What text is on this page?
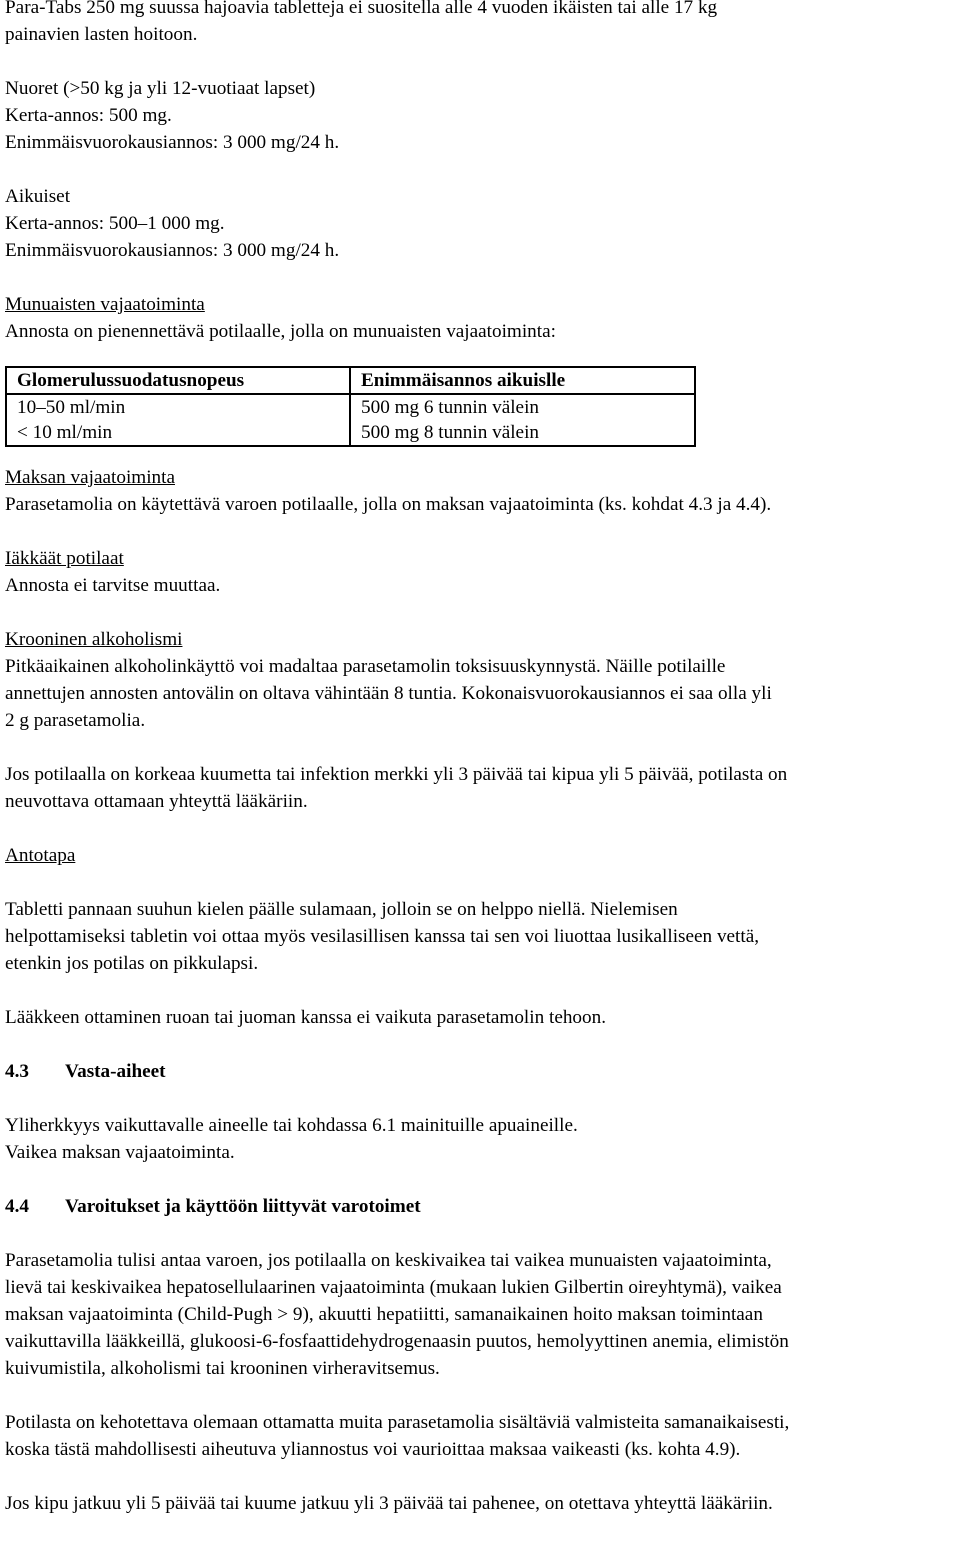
Para-Tabs 250 mg suussa hajoavia tabletteja ei suositella alle 4 vuoden ikäisten tai alle 17 kg
painavien lasten hoitoon.

Nuoret (>50 kg ja yli 12-vuotiaat lapset)
Kerta-annos: 500 mg.
Enimmäisvuorokausiannos: 3 000 mg/24 h.

Aikuiset
Kerta-annos: 500–1 000 mg.
Enimmäisvuorokausiannos: 3 000 mg/24 h.

Munuaisten vajaatoiminta
Annosta on pienennettävä potilaalle, jolla on munuaisten vajaatoiminta:

Glomerulussuodatusnopeus	Enimmäisannos aikuislle
10–50 ml/min	500 mg 6 tunnin välein
< 10 ml/min	500 mg 8 tunnin välein

Maksan vajaatoiminta
Parasetamolia on käytettävä varoen potilaalle, jolla on maksan vajaatoiminta (ks. kohdat 4.3 ja 4.4).

Iäkkäät potilaat
Annosta ei tarvitse muuttaa.

Krooninen alkoholismi
Pitkäaikainen alkoholinkäyttö voi madaltaa parasetamolin toksisuuskynnystä. Näille potilaille
annettujen annosten antovälin on oltava vähintään 8 tuntia. Kokonaisvuorokausiannos ei saa olla yli
2 g parasetamolia.

Jos potilaalla on korkeaa kuumetta tai infektion merkki yli 3 päivää tai kipua yli 5 päivää, potilasta on
neuvottava ottamaan yhteyttä lääkäriin.

Antotapa

Tabletti pannaan suuhun kielen päälle sulamaan, jolloin se on helppo niellä. Nielemisen
helpottamiseksi tabletin voi ottaa myös vesilasillisen kanssa tai sen voi liuottaa lusikalliseen vettä,
etenkin jos potilas on pikkulapsi.

Lääkkeen ottaminen ruoan tai juoman kanssa ei vaikuta parasetamolin tehoon.

4.3 Vasta-aiheet

Yliherkkyys vaikuttavalle aineelle tai kohdassa 6.1 mainituille apuaineille.
Vaikea maksan vajaatoiminta.

4.4 Varoitukset ja käyttöön liittyvät varotoimet

Parasetamolia tulisi antaa varoen, jos potilaalla on keskivaikea tai vaikea munuaisten vajaatoiminta,
lievä tai keskivaikea hepatosellulaarinen vajaatoiminta (mukaan lukien Gilbertin oireyhtymä), vaikea
maksan vajaatoiminta (Child-Pugh > 9), akuutti hepatiitti, samanaikainen hoito maksan toimintaan
vaikuttavilla lääkkeillä, glukoosi-6-fosfaattidehydrogenaasin puutos, hemolyyttinen anemia, elimistön
kuivumistila, alkoholismi tai krooninen virheravitsemus.

Potilasta on kehotettava olemaan ottamatta muita parasetamolia sisältäviä valmisteita samanaikaisesti,
koska tästä mahdollisesti aiheutuva yliannostus voi vaurioittaa maksaa vaikeasti (ks. kohta 4.9).

Jos kipu jatkuu yli 5 päivää tai kuume jatkuu yli 3 päivää tai pahenee, on otettava yhteyttä lääkäriin.
